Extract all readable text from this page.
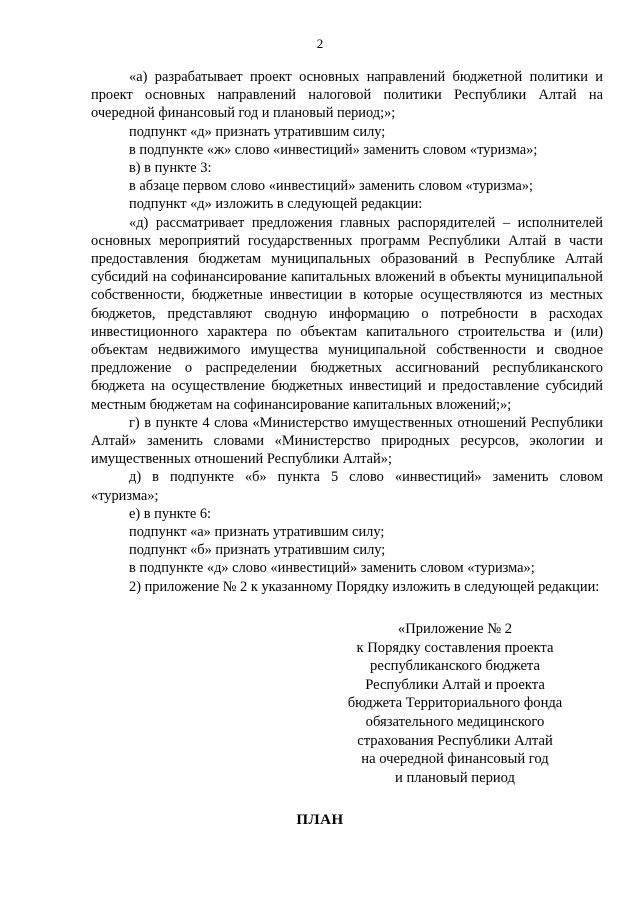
2

«а) разрабатывает проект основных направлений бюджетной политики и проект основных направлений налоговой политики Республики Алтай на очередной финансовый год и плановый период;»;

подпункт «д» признать утратившим силу;

в подпункте «ж» слово «инвестиций» заменить словом «туризма»;

в) в пункте 3:

в абзаце первом слово «инвестиций» заменить словом «туризма»;

подпункт «д» изложить в следующей редакции:

«д) рассматривает предложения главных распорядителей – исполнителей основных мероприятий государственных программ Республики Алтай в части предоставления бюджетам муниципальных образований в Республике Алтай субсидий на софинансирование капитальных вложений в объекты муниципальной собственности, бюджетные инвестиции в которые осуществляются из местных бюджетов, представляют сводную информацию о потребности в расходах инвестиционного характера по объектам капитального строительства и (или) объектам недвижимого имущества муниципальной собственности и сводное предложение о распределении бюджетных ассигнований республиканского бюджета на осуществление бюджетных инвестиций и предоставление субсидий местным бюджетам на софинансирование капитальных вложений;»;

г) в пункте 4 слова «Министерство имущественных отношений Республики Алтай» заменить словами «Министерство природных ресурсов, экологии и имущественных отношений Республики Алтай»;

д) в подпункте «б» пункта 5 слово «инвестиций» заменить словом «туризма»;

е) в пункте 6:

подпункт «а» признать утратившим силу;

подпункт «б» признать утратившим силу;

в подпункте «д» слово «инвестиций» заменить словом «туризма»;

2) приложение № 2 к указанному Порядку изложить в следующей редакции:

«Приложение № 2
к Порядку составления проекта
республиканского бюджета
Республики Алтай и проекта
бюджета Территориального фонда
обязательного медицинского
страхования Республики Алтай
на очередной финансовый год
и плановый период
ПЛАН
